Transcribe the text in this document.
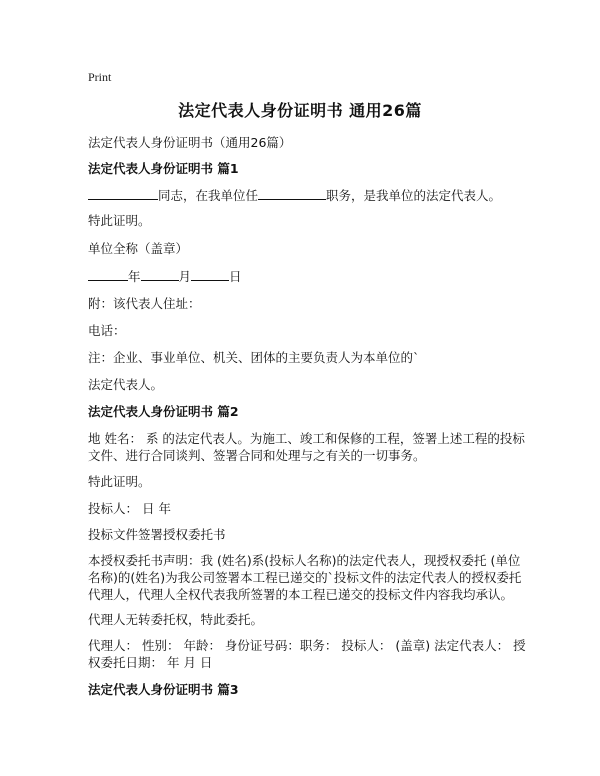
Print
法定代表人身份证明书 通用26篇
法定代表人身份证明书（通用26篇）
法定代表人身份证明书 篇1
同志，在我单位任	职务，是我单位的法定代表人。
特此证明。
单位全称（盖章）
年	月	日
附：该代表人住址：
电话：
注：企业、事业单位、机关、团体的主要负责人为本单位的`
法定代表人。
法定代表人身份证明书 篇2
地 姓名： 系 的法定代表人。为施工、竣工和保修的工程，签署上述工程的投标文件、进行合同谈判、签署合同和处理与之有关的一切事务。
特此证明。
投标人： 日 年
投标文件签署授权委托书
本授权委托书声明：我 (姓名)系(投标人名称)的法定代表人，现授权委托 (单位名称)的(姓名)为我公司签署本工程已递交的`投标文件的法定代表人的授权委托代理人，代理人全权代表我所签署的本工程已递交的投标文件内容我均承认。
代理人无转委托权，特此委托。
代理人： 性别： 年龄： 身份证号码：职务： 投标人： (盖章) 法定代表人： 授权委托日期： 年 月 日
法定代表人身份证明书 篇3
